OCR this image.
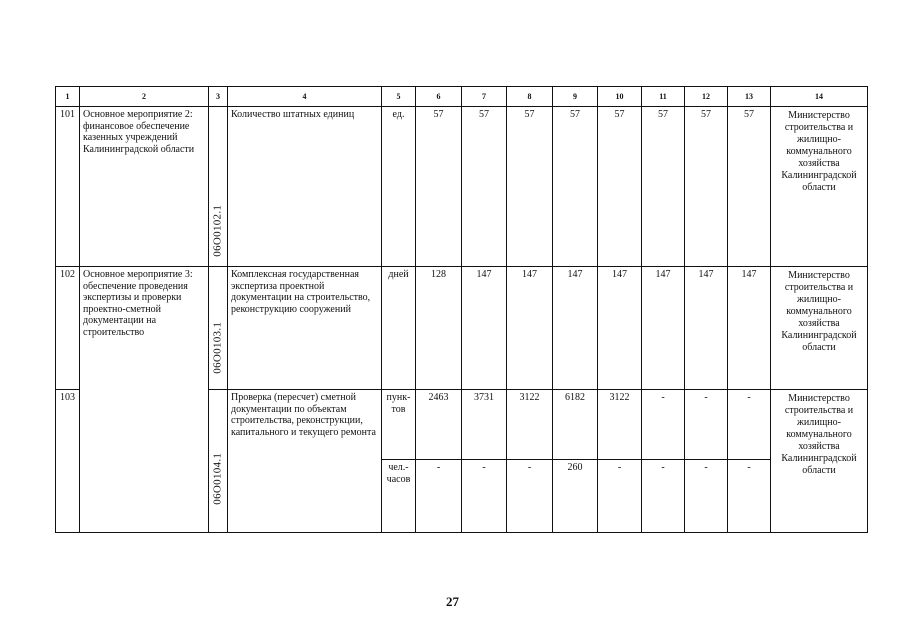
1	2	3	4	5	6	7	8	9	10	11	12	13	14
101	Основное мероприятие 2: финансовое обеспечение казенных учреждений Калининградской области	06О0102.1	Количество штатных единиц	ед.	57	57	57	57	57	57	57	57	Министерство строительства и жилищно-коммунального хозяйства Калининградской области
102	Основное мероприятие 3: обеспечение проведения экспертизы и проверки проектно-сметной документации на строительство	06О0103.1	Комплексная государственная экспертиза проектной документации на строительство, реконструкцию сооружений	дней	128	147	147	147	147	147	147	147	Министерство строительства и жилищно-коммунального хозяйства Калининградской области
103		06О0104.1	Проверка (пересчет) сметной документации по объектам строительства, реконструкции, капитального и текущего ремонта	пунк-тов	2463	3731	3122	6182	3122	-	-	-	Министерство строительства и жилищно-коммунального хозяйства Калининградской области
				чел.-часов	-	-	-	260	-	-	-	-	
27
